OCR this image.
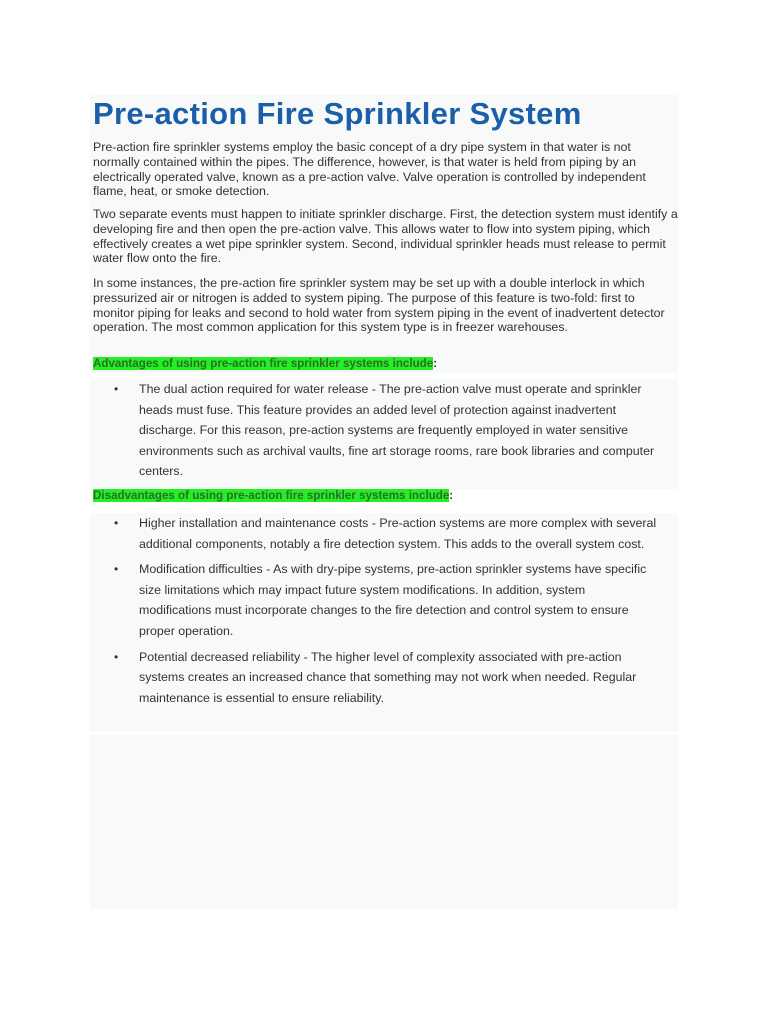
Pre-action Fire Sprinkler System

Pre-action fire sprinkler systems employ the basic concept of a dry pipe system in that water is not normally contained within the pipes. The difference, however, is that water is held from piping by an electrically operated valve, known as a pre-action valve. Valve operation is controlled by independent flame, heat, or smoke detection.

Two separate events must happen to initiate sprinkler discharge. First, the detection system must identify a developing fire and then open the pre-action valve. This allows water to flow into system piping, which effectively creates a wet pipe sprinkler system. Second, individual sprinkler heads must release to permit water flow onto the fire.

In some instances, the pre-action fire sprinkler system may be set up with a double interlock in which pressurized air or nitrogen is added to system piping. The purpose of this feature is two-fold: first to monitor piping for leaks and second to hold water from system piping in the event of inadvertent detector operation. The most common application for this system type is in freezer warehouses.

Advantages of using pre-action fire sprinkler systems include:
• The dual action required for water release - The pre-action valve must operate and sprinkler heads must fuse. This feature provides an added level of protection against inadvertent discharge. For this reason, pre-action systems are frequently employed in water sensitive environments such as archival vaults, fine art storage rooms, rare book libraries and computer centers.
Disadvantages of using pre-action fire sprinkler systems include:
• Higher installation and maintenance costs - Pre-action systems are more complex with several additional components, notably a fire detection system. This adds to the overall system cost.
• Modification difficulties - As with dry-pipe systems, pre-action sprinkler systems have specific size limitations which may impact future system modifications. In addition, system modifications must incorporate changes to the fire detection and control system to ensure proper operation.
• Potential decreased reliability - The higher level of complexity associated with pre-action systems creates an increased chance that something may not work when needed. Regular maintenance is essential to ensure reliability.
